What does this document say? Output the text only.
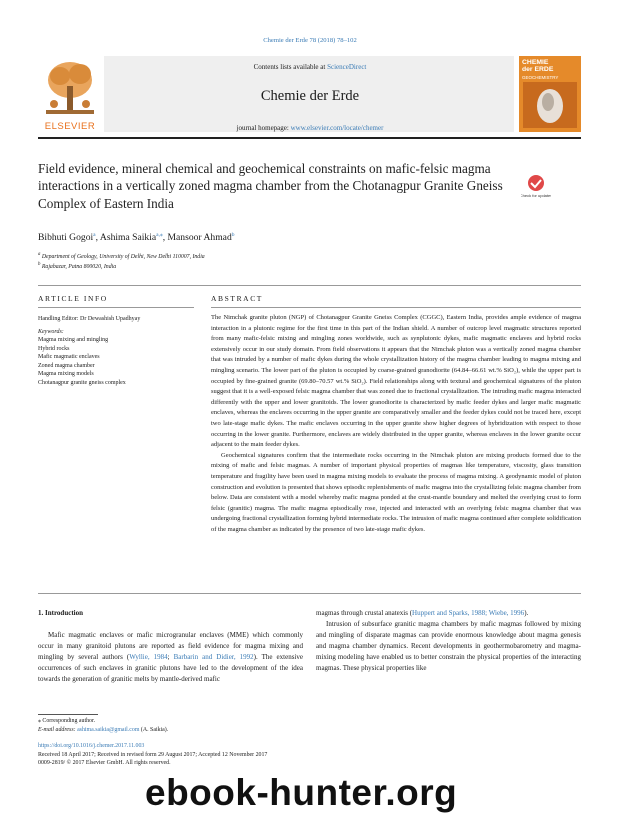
Chemie der Erde 78 (2018) 78–102
Contents lists available at ScienceDirect
Chemie der Erde
journal homepage: www.elsevier.com/locate/chemer
ELSEVIER
CHEMIE
der ERDE
GEOCHEMISTRY
Field evidence, mineral chemical and geochemical constraints on mafic-felsic magma interactions in a vertically zoned magma chamber from the Chotanagpur Granite Gneiss Complex of Eastern India
Check for updates
Bibhuti Gogoi$^a$, Ashima Saikia$^{a,⁎}$, Mansoor Ahmad$^b$
$^a$ Department of Geology, University of Delhi, New Delhi 110007, India
$^b$ Rajabazar, Patna 800020, India
ARTICLE INFO	ABSTRACT
Handling Editor: Dr Dewashish Upadhyay
Keywords:
Magma mixing and mingling
Hybrid rocks
Mafic magmatic enclaves
Zoned magma chamber
Magma mixing models
Chotanagpur granite gneiss complex

The Nimchak granite pluton (NGP) of Chotanagpur Granite Gneiss Complex (CGGC), Eastern India, provides ample evidence of magma interaction in a plutonic regime for the first time in this part of the Indian shield. A number of outcrop level magmatic structures reported from many mafic-felsic mixing and mingling zones worldwide, such as synplutonic dykes, mafic magmatic enclaves and hybrid rocks extensively occur in our study domain. From field observations it appears that the Nimchak pluton was a vertically zoned magma chamber that was intruded by a number of mafic dykes during the whole crystallization history of the magma chamber leading to magma mixing and mingling scenario. The lower part of the pluton is occupied by coarse-grained granodiorite (64.84–66.61 wt.% SiO₂), while the upper part is occupied by fine-grained granite (69.80–70.57 wt.% SiO₂). Field relationships along with textural and geochemical signatures of the pluton suggest that it is a well-exposed felsic magma chamber that was zoned due to fractional crystallization. The intruding mafic magma interacted differently with the upper and lower granitoids. The lower granodiorite is characterized by mafic feeder dykes and larger mafic magmatic enclaves, whereas the enclaves occurring in the upper granite are comparatively smaller and the feeder dykes could not be traced here, except two late-stage mafic dykes. The mafic enclaves occurring in the upper granite show higher degrees of hybridization with respect to those occurring in the lower granite. Furthermore, enclaves are widely distributed in the upper granite, whereas enclaves in the lower granite occur adjacent to the main feeder dykes.

Geochemical signatures confirm that the intermediate rocks occurring in the Nimchak pluton are mixing products formed due to the mixing of mafic and felsic magmas. A number of important physical properties of magmas like temperature, viscosity, glass transition temperature and fragility have been used in magma mixing models to evaluate the process of magma mixing. A geodynamic model of pluton construction and evolution is presented that shows episodic replenishments of mafic magma into the crystallizing felsic magma chamber from below. Data are consistent with a model whereby mafic magma ponded at the crust-mantle boundary and melted the overlying crust to form felsic (granitic) magma. The mafic magma episodically rose, injected and interacted with an overlying felsic magma chamber that was undergoing fractional crystallization forming hybrid intermediate rocks. The intrusion of mafic magma continued after complete solidification of the magma chamber as indicated by the presence of two late-stage mafic dykes.

1. Introduction

Mafic magmatic enclaves or mafic microgranular enclaves (MME) which commonly occur in many granitoid plutons are reported as field evidence for magma mixing and mingling by several authors (Wyllie, 1984; Barbarin and Didier, 1992). The extensive occurrences of such enclaves in granitic plutons have led to the development of the idea towards the generation of granitic melts by mantle-derived mafic

magmas through crustal anatexis (Huppert and Sparks, 1988; Wiebe, 1996).

Intrusion of subsurface granitic magma chambers by mafic magmas followed by mixing and mingling of disparate magmas can provide enormous knowledge about magma genesis and magma chamber dynamics. Recent developments in geothermobarometry and magma-mixing modeling have enabled us to better constrain the physical properties of the interacting magmas. These physical properties like

⁎ Corresponding author.
E-mail address: ashima.saikia@gmail.com (A. Saikia).
https://doi.org/10.1016/j.chemer.2017.11.003
Received 18 April 2017; Received in revised form 29 August 2017; Accepted 12 November 2017
0009-2819/ © 2017 Elsevier GmbH. All rights reserved.
ebook-hunter.org
